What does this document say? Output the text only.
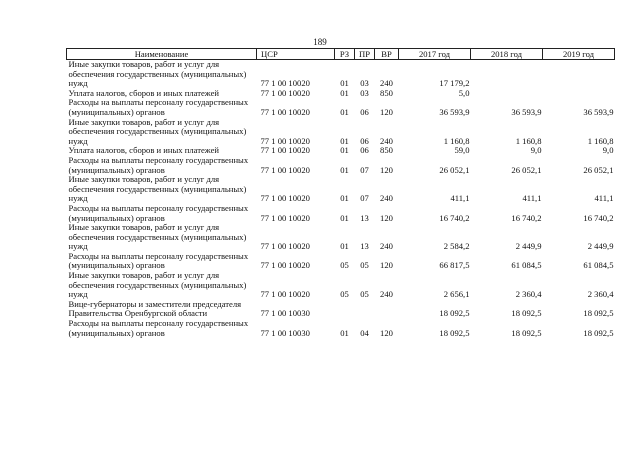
189
Наименование	ЦСР	РЗ	ПР	ВР	2017 год	2018 год	2019 год
Иные закупки товаров, работ и услуг для обеспечения государственных (муниципальных) нужд	77 1 00 10020	01	03	240	17 179,2		
Уплата налогов, сборов и иных платежей	77 1 00 10020	01	03	850	5,0		
Расходы на выплаты персоналу государственных (муниципальных) органов	77 1 00 10020	01	06	120	36 593,9	36 593,9	36 593,9
Иные закупки товаров, работ и услуг для обеспечения государственных (муниципальных) нужд	77 1 00 10020	01	06	240	1 160,8	1 160,8	1 160,8
Уплата налогов, сборов и иных платежей	77 1 00 10020	01	06	850	59,0	9,0	9,0
Расходы на выплаты персоналу государственных (муниципальных) органов	77 1 00 10020	01	07	120	26 052,1	26 052,1	26 052,1
Иные закупки товаров, работ и услуг для обеспечения государственных (муниципальных) нужд	77 1 00 10020	01	07	240	411,1	411,1	411,1
Расходы на выплаты персоналу государственных (муниципальных) органов	77 1 00 10020	01	13	120	16 740,2	16 740,2	16 740,2
Иные закупки товаров, работ и услуг для обеспечения государственных (муниципальных) нужд	77 1 00 10020	01	13	240	2 584,2	2 449,9	2 449,9
Расходы на выплаты персоналу государственных (муниципальных) органов	77 1 00 10020	05	05	120	66 817,5	61 084,5	61 084,5
Иные закупки товаров, работ и услуг для обеспечения государственных (муниципальных) нужд	77 1 00 10020	05	05	240	2 656,1	2 360,4	2 360,4
Вице-губернаторы и заместители председателя Правительства Оренбургской области	77 1 00 10030				18 092,5	18 092,5	18 092,5
Расходы на выплаты персоналу государственных (муниципальных) органов	77 1 00 10030	01	04	120	18 092,5	18 092,5	18 092,5
